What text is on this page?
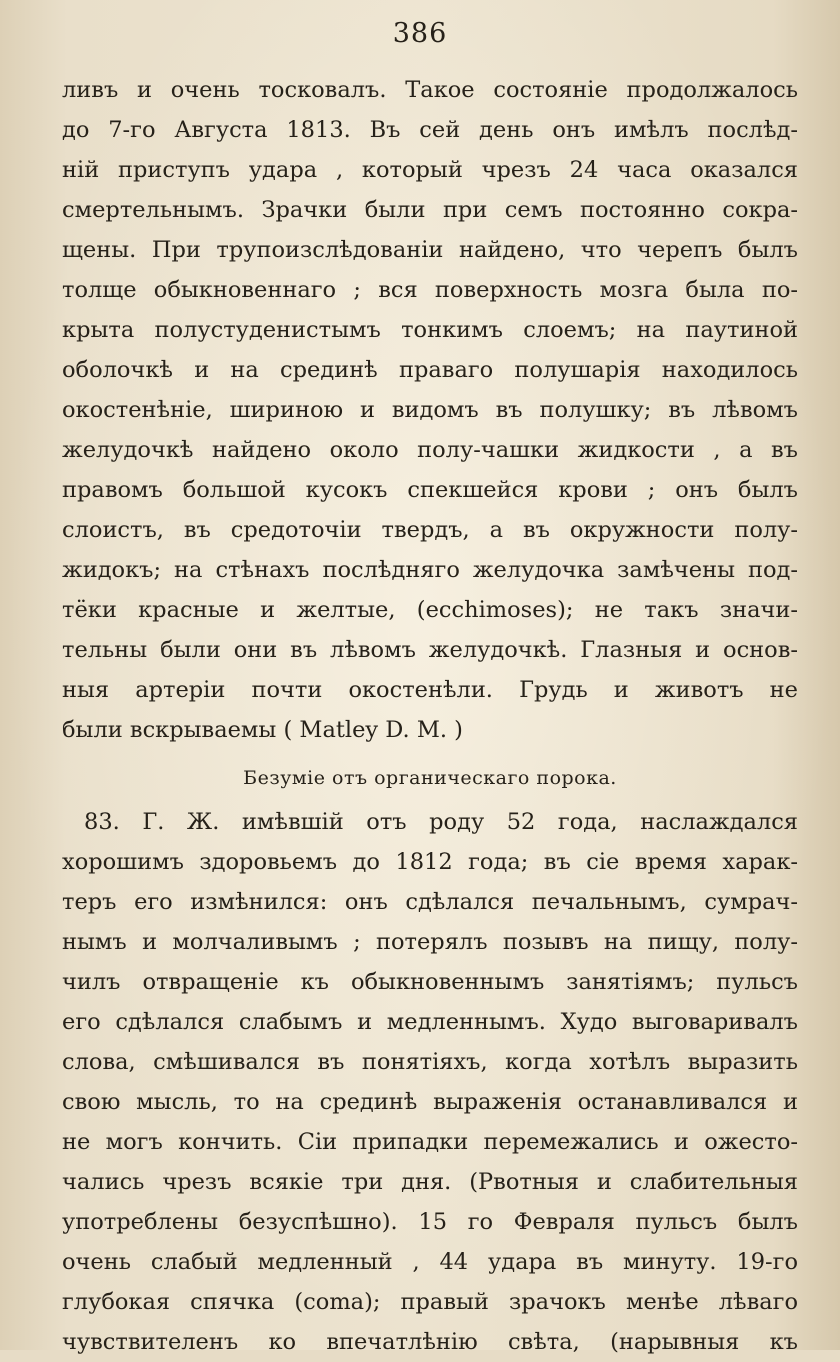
386
ливъ и очень тосковалъ. Такое состояніе продолжалось
до 7-го Августа 1813. Въ сей день онъ имѣлъ послѣд-
ній приступъ удара , который чрезъ 24 часа оказался
смертельнымъ. Зрачки были при семъ постоянно сокра-
щены. При трупоизслѣдованіи найдено, что черепъ былъ
толще обыкновеннаго ; вся поверхность мозга была по-
крыта полустуденистымъ тонкимъ слоемъ; на паутиной
оболочкѣ и на срединѣ праваго полушарія находилось
окостенѣніе, шириною и видомъ въ полушку; въ лѣвомъ
желудочкѣ найдено около полу-чашки жидкости , а въ
правомъ большой кусокъ спекшейся крови ; онъ былъ
слоистъ, въ средоточіи твердъ, а въ окружности полу-
жидокъ; на стѣнахъ послѣдняго желудочка замѣчены под-
тёки красные и желтые, (ecchimoses); не такъ значи-
тельны были они въ лѣвомъ желудочкѣ. Глазныя и основ-
ныя артеріи почти окостенѣли. Грудь и животъ не
были вскрываемы ( Matley D. M. )
Безуміе отъ органическаго порока.
83. Г. Ж. имѣвшій отъ роду 52 года, наслаждался
хорошимъ здоровьемъ до 1812 года; въ сіе время харак-
теръ его измѣнился: онъ сдѣлался печальнымъ, сумрач-
нымъ и молчаливымъ ; потерялъ позывъ на пищу, полу-
чилъ отвращеніе къ обыкновеннымъ занятіямъ; пульсъ
его сдѣлался слабымъ и медленнымъ. Худо выговаривалъ
слова, смѣшивался въ понятіяхъ, когда хотѣлъ выразить
свою мысль, то на срединѣ выраженія останавливался и
не могъ кончить. Сіи припадки перемежались и ожесто-
чались чрезъ всякіе три дня. (Рвотныя и слабительныя
употреблены безуспѣшно). 15 го Февраля пульсъ былъ
очень слабый медленный , 44 удара въ минуту. 19-го
глубокая спячка (coma); правый зрачокъ менѣе лѣваго
чувствителенъ ко впечатлѣнію свѣта, (нарывныя къ
